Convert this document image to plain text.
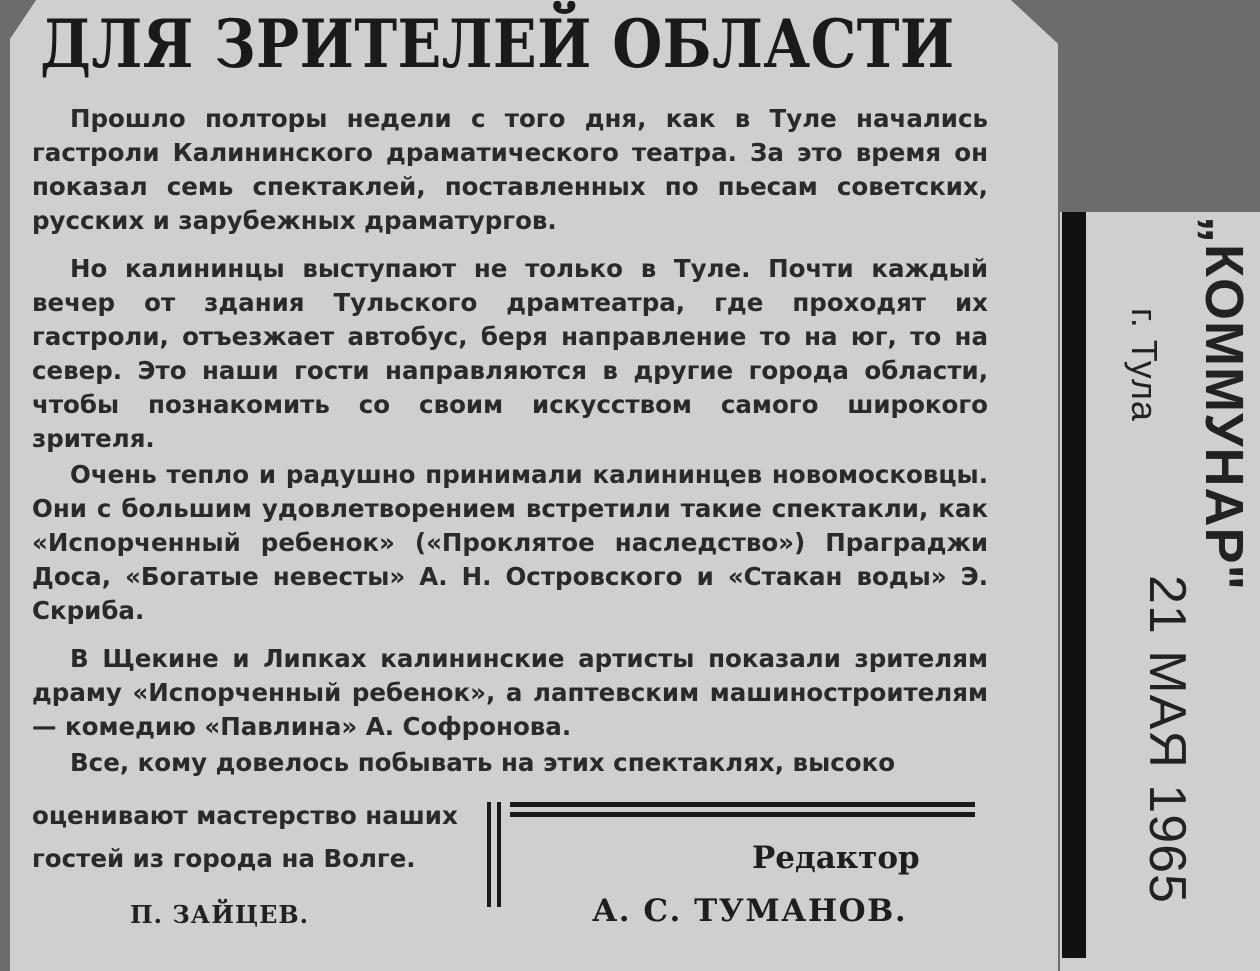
ДЛЯ ЗРИТЕЛЕЙ ОБЛАСТИ

Прошло полторы недели с того дня, как в Туле начались гастроли Калининского драматического театра. За это время он показал семь спектаклей, поставленных по пьесам советских, русских и зарубежных драматургов.

Но калининцы выступают не только в Туле. Почти каждый вечер от здания Тульского драмтеатра, где проходят их гастроли, отъезжает автобус, беря направление то на юг, то на север. Это наши гости направляются в другие города области, чтобы познакомить со своим искусством самого широкого зрителя.

Очень тепло и радушно принимали калининцев новомосковцы. Они с большим удовлетворением встретили такие спектакли, как «Испорченный ребенок» («Проклятое наследство») Праграджи Доса, «Богатые невесты» А. Н. Островского и «Стакан воды» Э. Скриба.

В Щекине и Липках калининские артисты показали зрителям драму «Испорченный ребенок», а лаптевским машиностроителям — комедию «Павлина» А. Софронова.

Все, кому довелось побывать на этих спектаклях, высоко

оценивают мастерство наших гостей из города на Волге.
П. ЗАЙЦЕВ.
Редактор
А. С. ТУМАНОВ.
„КОММУНАР"
г. Тула
21 МАЯ 1965
